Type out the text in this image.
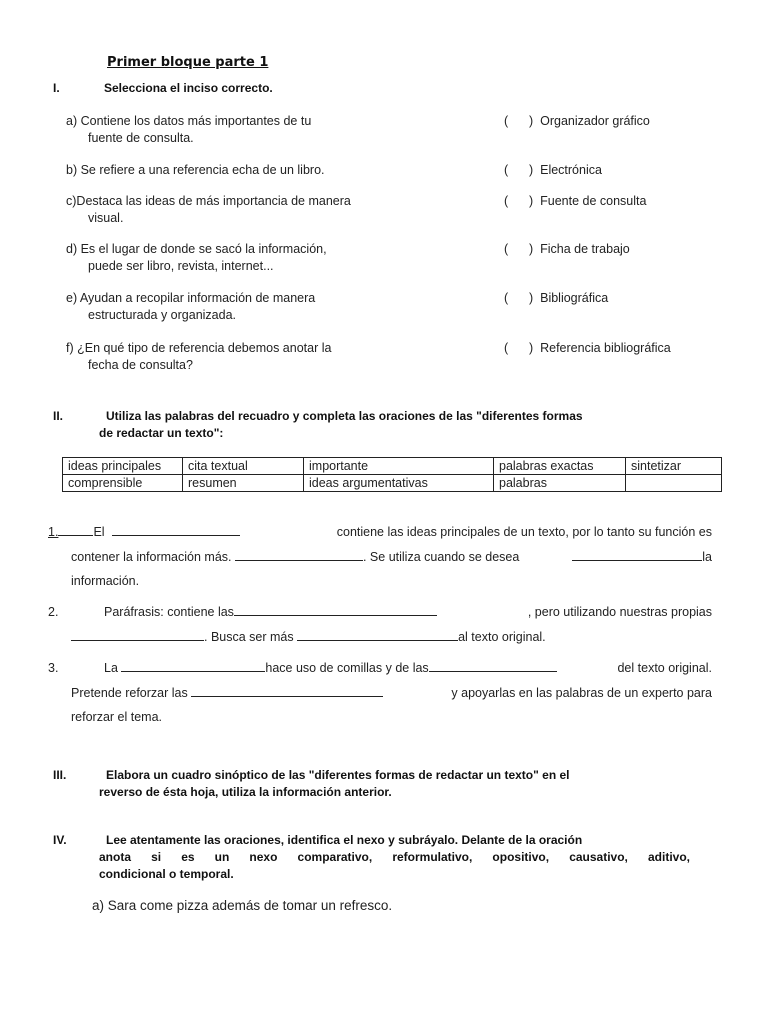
Primer bloque parte 1
I.	Selecciona el inciso correcto.
a) Contiene los datos más importantes de tu
fuente de consulta.
(      )  Organizador gráfico
b) Se refiere a una referencia echa de un libro.	(      )  Electrónica
c)Destaca las ideas de más importancia de manera
visual.
(      )  Fuente de consulta
d) Es el lugar de donde se sacó la información,
puede ser libro, revista, internet...
(      )  Ficha de trabajo
e) Ayudan a recopilar información de manera
estructurada y organizada.
(      )  Bibliográfica
f) ¿En qué tipo de referencia debemos anotar la
fecha de consulta?
(      )  Referencia bibliográfica
II.	Utiliza las palabras del recuadro y completa las oraciones de las "diferentes formas
de redactar un texto":
ideas principales	cita textual	importante	palabras exactas	sintetizar
comprensible	resumen	ideas argumentativas	palabras	
1.	El	contiene las ideas principales de un texto, por lo tanto su función es
contener la información más.	. Se utiliza cuando se desea	la
información.
2.	Paráfrasis: contiene las	, pero utilizando nuestras propias
. Busca ser más	al texto original.
3.	La	hace uso de comillas y de las	del texto original.
Pretende reforzar las	y apoyarlas en las palabras de un experto para
reforzar el tema.
III.	Elabora un cuadro sinóptico de las "diferentes formas de redactar un texto" en el
reverso de ésta hoja, utiliza la información anterior.
IV.	Lee atentamente las oraciones, identifica el nexo y subráyalo. Delante de la oración
anota si es un nexo comparativo, reformulativo, opositivo, causativo, aditivo,
condicional o temporal.
a) Sara come pizza además de tomar un refresco.
